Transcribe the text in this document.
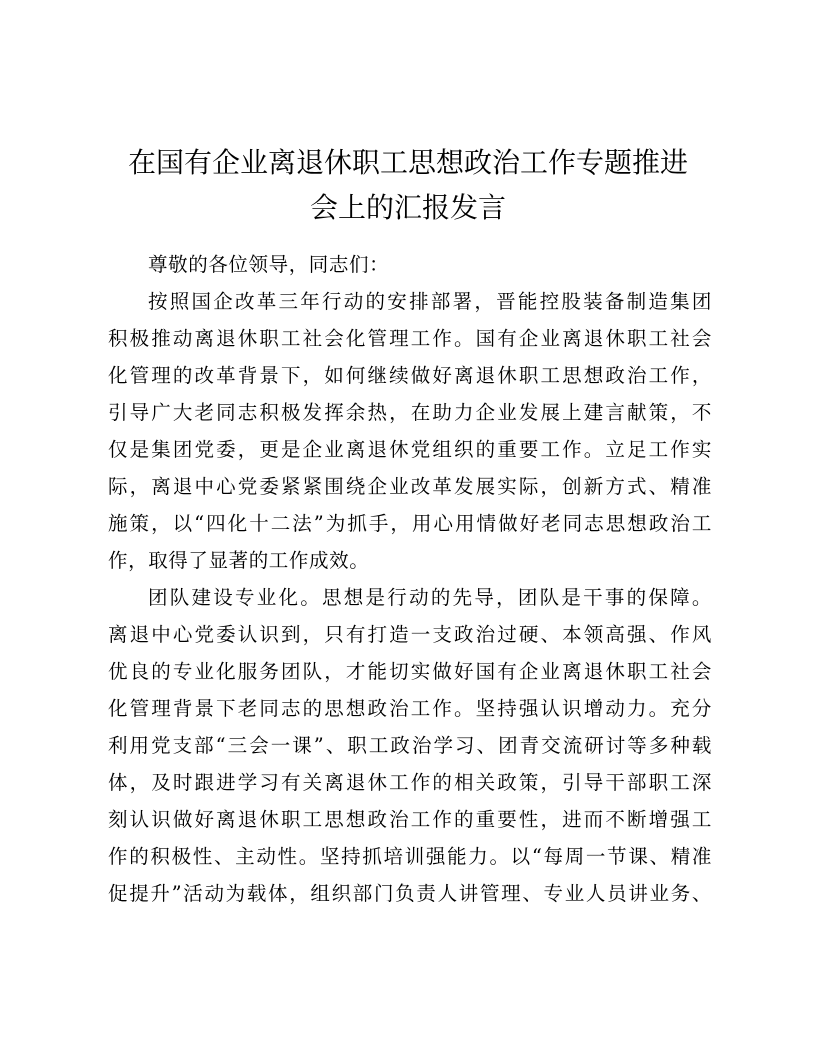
在国有企业离退休职工思想政治工作专题推进
会上的汇报发言

尊敬的各位领导，同志们：

按照国企改革三年行动的安排部署，晋能控股装备制造集团

积极推动离退休职工社会化管理工作。国有企业离退休职工社会

化管理的改革背景下，如何继续做好离退休职工思想政治工作，

引导广大老同志积极发挥余热，在助力企业发展上建言献策，不

仅是集团党委，更是企业离退休党组织的重要工作。立足工作实

际，离退中心党委紧紧围绕企业改革发展实际，创新方式、精准

施策，以“四化十二法”为抓手，用心用情做好老同志思想政治工

作，取得了显著的工作成效。

团队建设专业化。思想是行动的先导，团队是干事的保障。

离退中心党委认识到，只有打造一支政治过硬、本领高强、作风

优良的专业化服务团队，才能切实做好国有企业离退休职工社会

化管理背景下老同志的思想政治工作。坚持强认识增动力。充分

利用党支部“三会一课”、职工政治学习、团青交流研讨等多种载

体，及时跟进学习有关离退休工作的相关政策，引导干部职工深

刻认识做好离退休职工思想政治工作的重要性，进而不断增强工

作的积极性、主动性。坚持抓培训强能力。以“每周一节课、精准

促提升”活动为载体，组织部门负责人讲管理、专业人员讲业务、
